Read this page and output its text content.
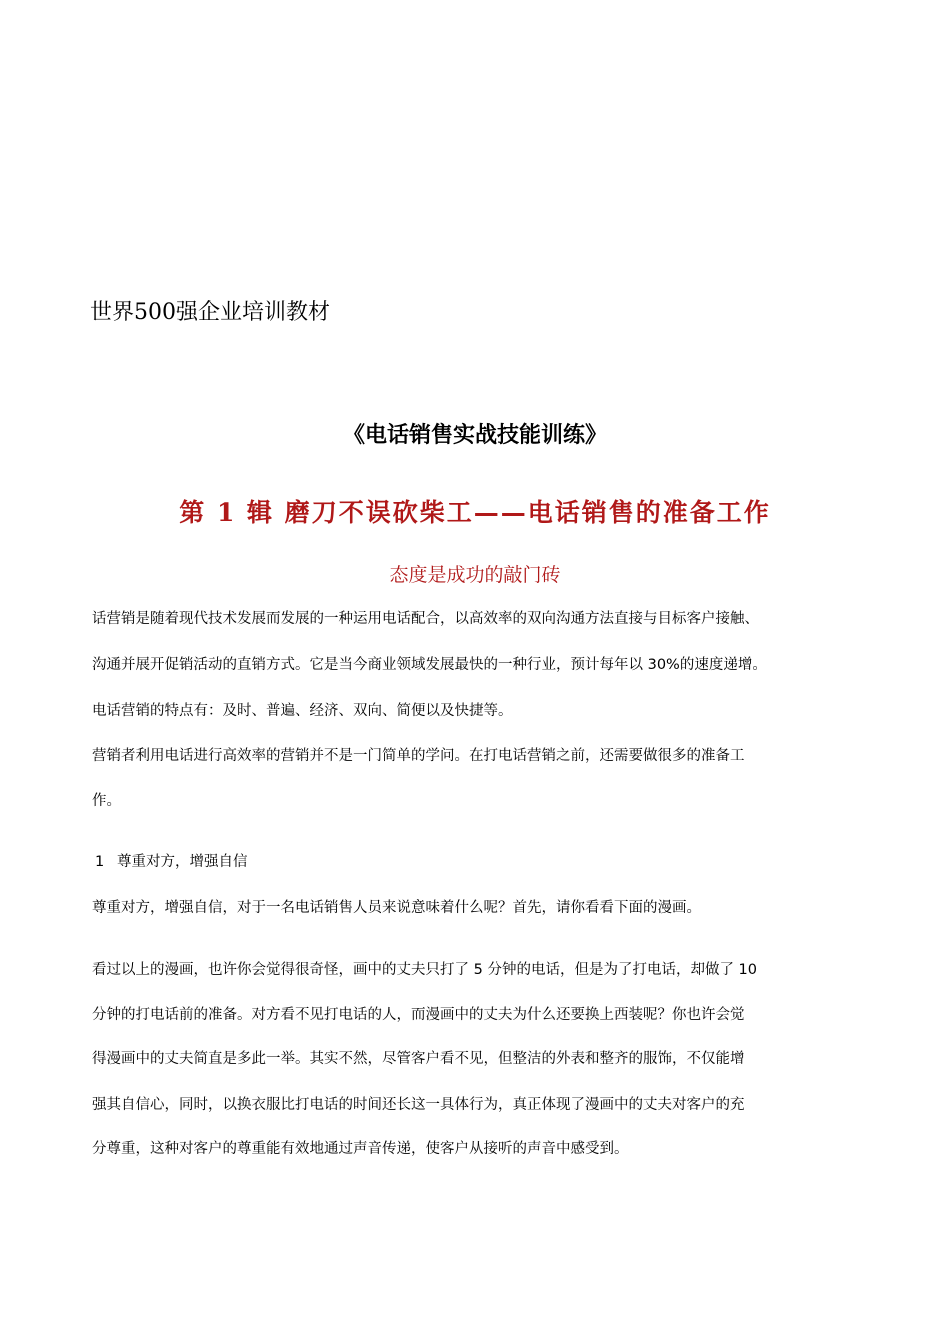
世界500强企业培训教材
《电话销售实战技能训练》
第 1 辑 磨刀不误砍柴工——电话销售的准备工作
态度是成功的敲门砖
话营销是随着现代技术发展而发展的一种运用电话配合，以高效率的双向沟通方法直接与目标客户接触、
沟通并展开促销活动的直销方式。它是当今商业领域发展最快的一种行业，预计每年以 30%的速度递增。
电话营销的特点有：及时、普遍、经济、双向、简便以及快捷等。
营销者利用电话进行高效率的营销并不是一门简单的学问。在打电话营销之前，还需要做很多的准备工
作。
1 尊重对方，增强自信
尊重对方，增强自信，对于一名电话销售人员来说意味着什么呢？首先，请你看看下面的漫画。
看过以上的漫画，也许你会觉得很奇怪，画中的丈夫只打了 5 分钟的电话，但是为了打电话，却做了 10
分钟的打电话前的准备。对方看不见打电话的人，而漫画中的丈夫为什么还要换上西装呢？你也许会觉
得漫画中的丈夫简直是多此一举。其实不然，尽管客户看不见，但整洁的外表和整齐的服饰，不仅能增
强其自信心，同时，以换衣服比打电话的时间还长这一具体行为，真正体现了漫画中的丈夫对客户的充
分尊重，这种对客户的尊重能有效地通过声音传递，使客户从接听的声音中感受到。
